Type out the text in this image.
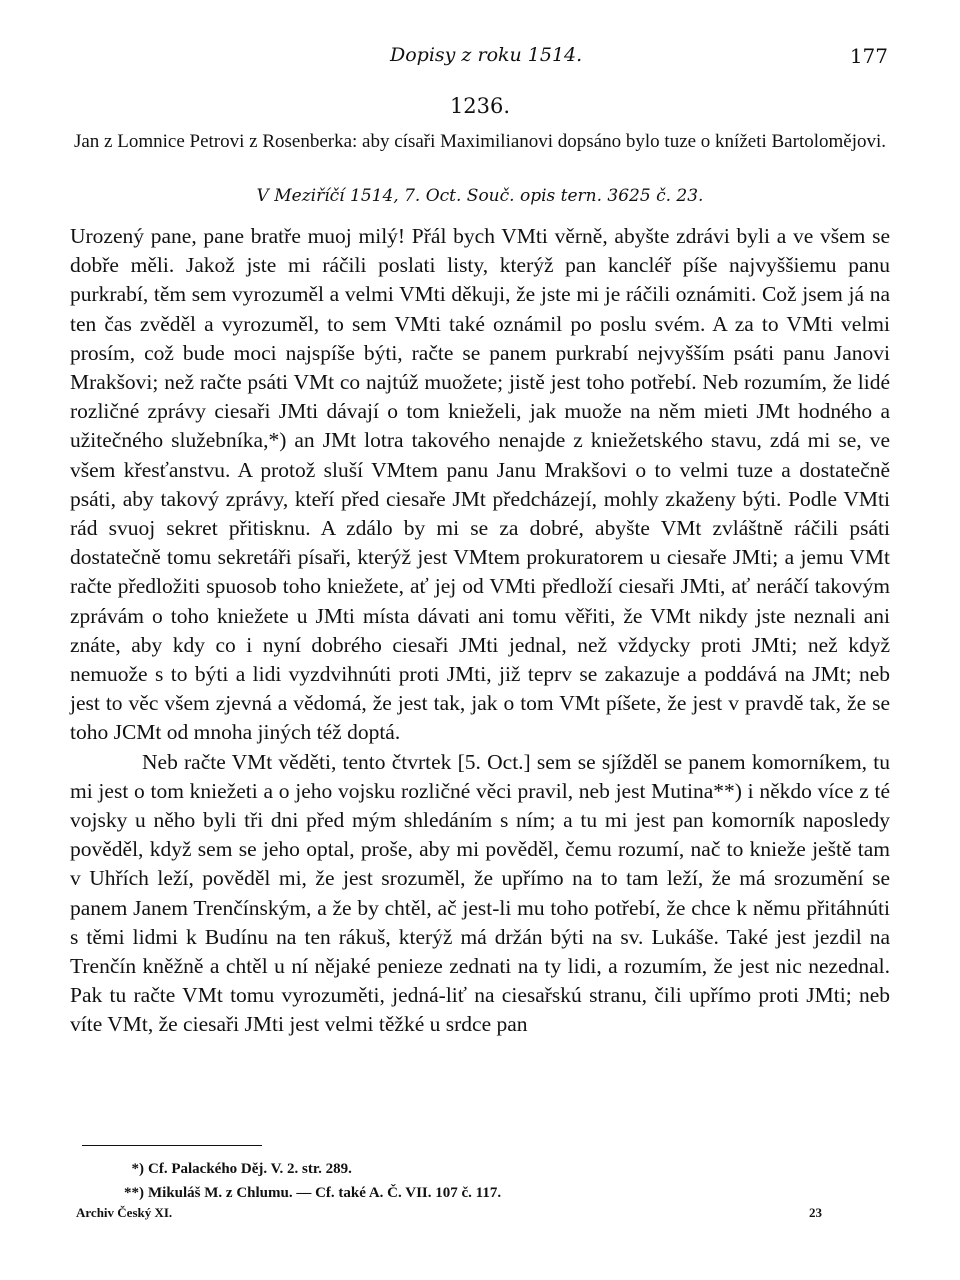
Dopisy z roku 1514.	177
1236.
Jan z Lomnice Petrovi z Rosenberka: aby císaři Maximilianovi dopsáno bylo tuze o knížeti Bartolomějovi.
V Meziříčí 1514, 7. Oct. Souč. opis tern. 3625 č. 23.

Urozený pane, pane bratře muoj milý! Přál bych VMti věrně, abyšte zdrávi byli a ve všem se dobře měli. Jakož jste mi ráčili poslati listy, kterýž pan kancléř píše najvyššiemu panu purkrabí, těm sem vyrozuměl a velmi VMti děkuji, že jste mi je ráčili oznámiti. Což jsem já na ten čas zvěděl a vyrozuměl, to sem VMti také oznámil po poslu svém. A za to VMti velmi prosím, což bude moci najspíše býti, račte se panem purkrabí nejvyšším psáti panu Janovi Mrakšovi; než račte psáti VMt co najtúž muožete; jistě jest toho potřebí. Neb rozumím, že lidé rozličné zprávy ciesaři JMti dávají o tom knieželi, jak muože na něm mieti JMt hodného a užitečného služebníka,*) an JMt lotra takového nenajde z kniežetského stavu, zdá mi se, ve všem křesťanstvu. A protož sluší VMtem panu Janu Mrakšovi o to velmi tuze a dostatečně psáti, aby takový zprávy, kteří před ciesaře JMt předcházejí, mohly zkaženy býti. Podle VMti rád svuoj sekret přitisknu. A zdálo by mi se za dobré, abyšte VMt zvláštně ráčili psáti dostatečně tomu sekretáři písaři, kterýž jest VMtem prokuratorem u ciesaře JMti; a jemu VMt račte předložiti spuosob toho kniežete, ať jej od VMti předloží ciesaři JMti, ať neráčí takovým zprávám o toho kniežete u JMti místa dávati ani tomu věřiti, že VMt nikdy jste neznali ani znáte, aby kdy co i nyní dobrého ciesaři JMti jednal, než vždycky proti JMti; než když nemuože s to býti a lidi vyzdvihnúti proti JMti, již teprv se zakazuje a poddává na JMt; neb jest to věc všem zjevná a vědomá, že jest tak, jak o tom VMt píšete, že jest v pravdě tak, že se toho JCMt od mnoha jiných též doptá.

Neb račte VMt věděti, tento čtvrtek [5. Oct.] sem se sjížděl se panem komorníkem, tu mi jest o tom kniežeti a o jeho vojsku rozličné věci pravil, neb jest Mutina**) i někdo více z té vojsky u něho byli tři dni před mým shledáním s ním; a tu mi jest pan komorník naposledy pověděl, když sem se jeho optal, proše, aby mi pověděl, čemu rozumí, nač to knieže ještě tam v Uhřích leží, pověděl mi, že jest srozuměl, že upřímo na to tam leží, že má srozumění se panem Janem Trenčínským, a že by chtěl, ač jest-li mu toho potřebí, že chce k němu přitáhnúti s těmi lidmi k Budínu na ten rákuš, kterýž má držán býti na sv. Lukáše. Také jest jezdil na Trenčín kněžně a chtěl u ní nějaké penieze zednati na ty lidi, a rozumím, že jest nic nezednal. Pak tu račte VMt tomu vyrozuměti, jedná-liť na ciesařskú stranu, čili upřímo proti JMti; neb víte VMt, že ciesaři JMti jest velmi těžké u srdce pan

*) Cf. Palackého Děj. V. 2. str. 289.
**) Mikuláš M. z Chlumu. — Cf. také A. Č. VII. 107 č. 117.
Archiv Český XI.	23
